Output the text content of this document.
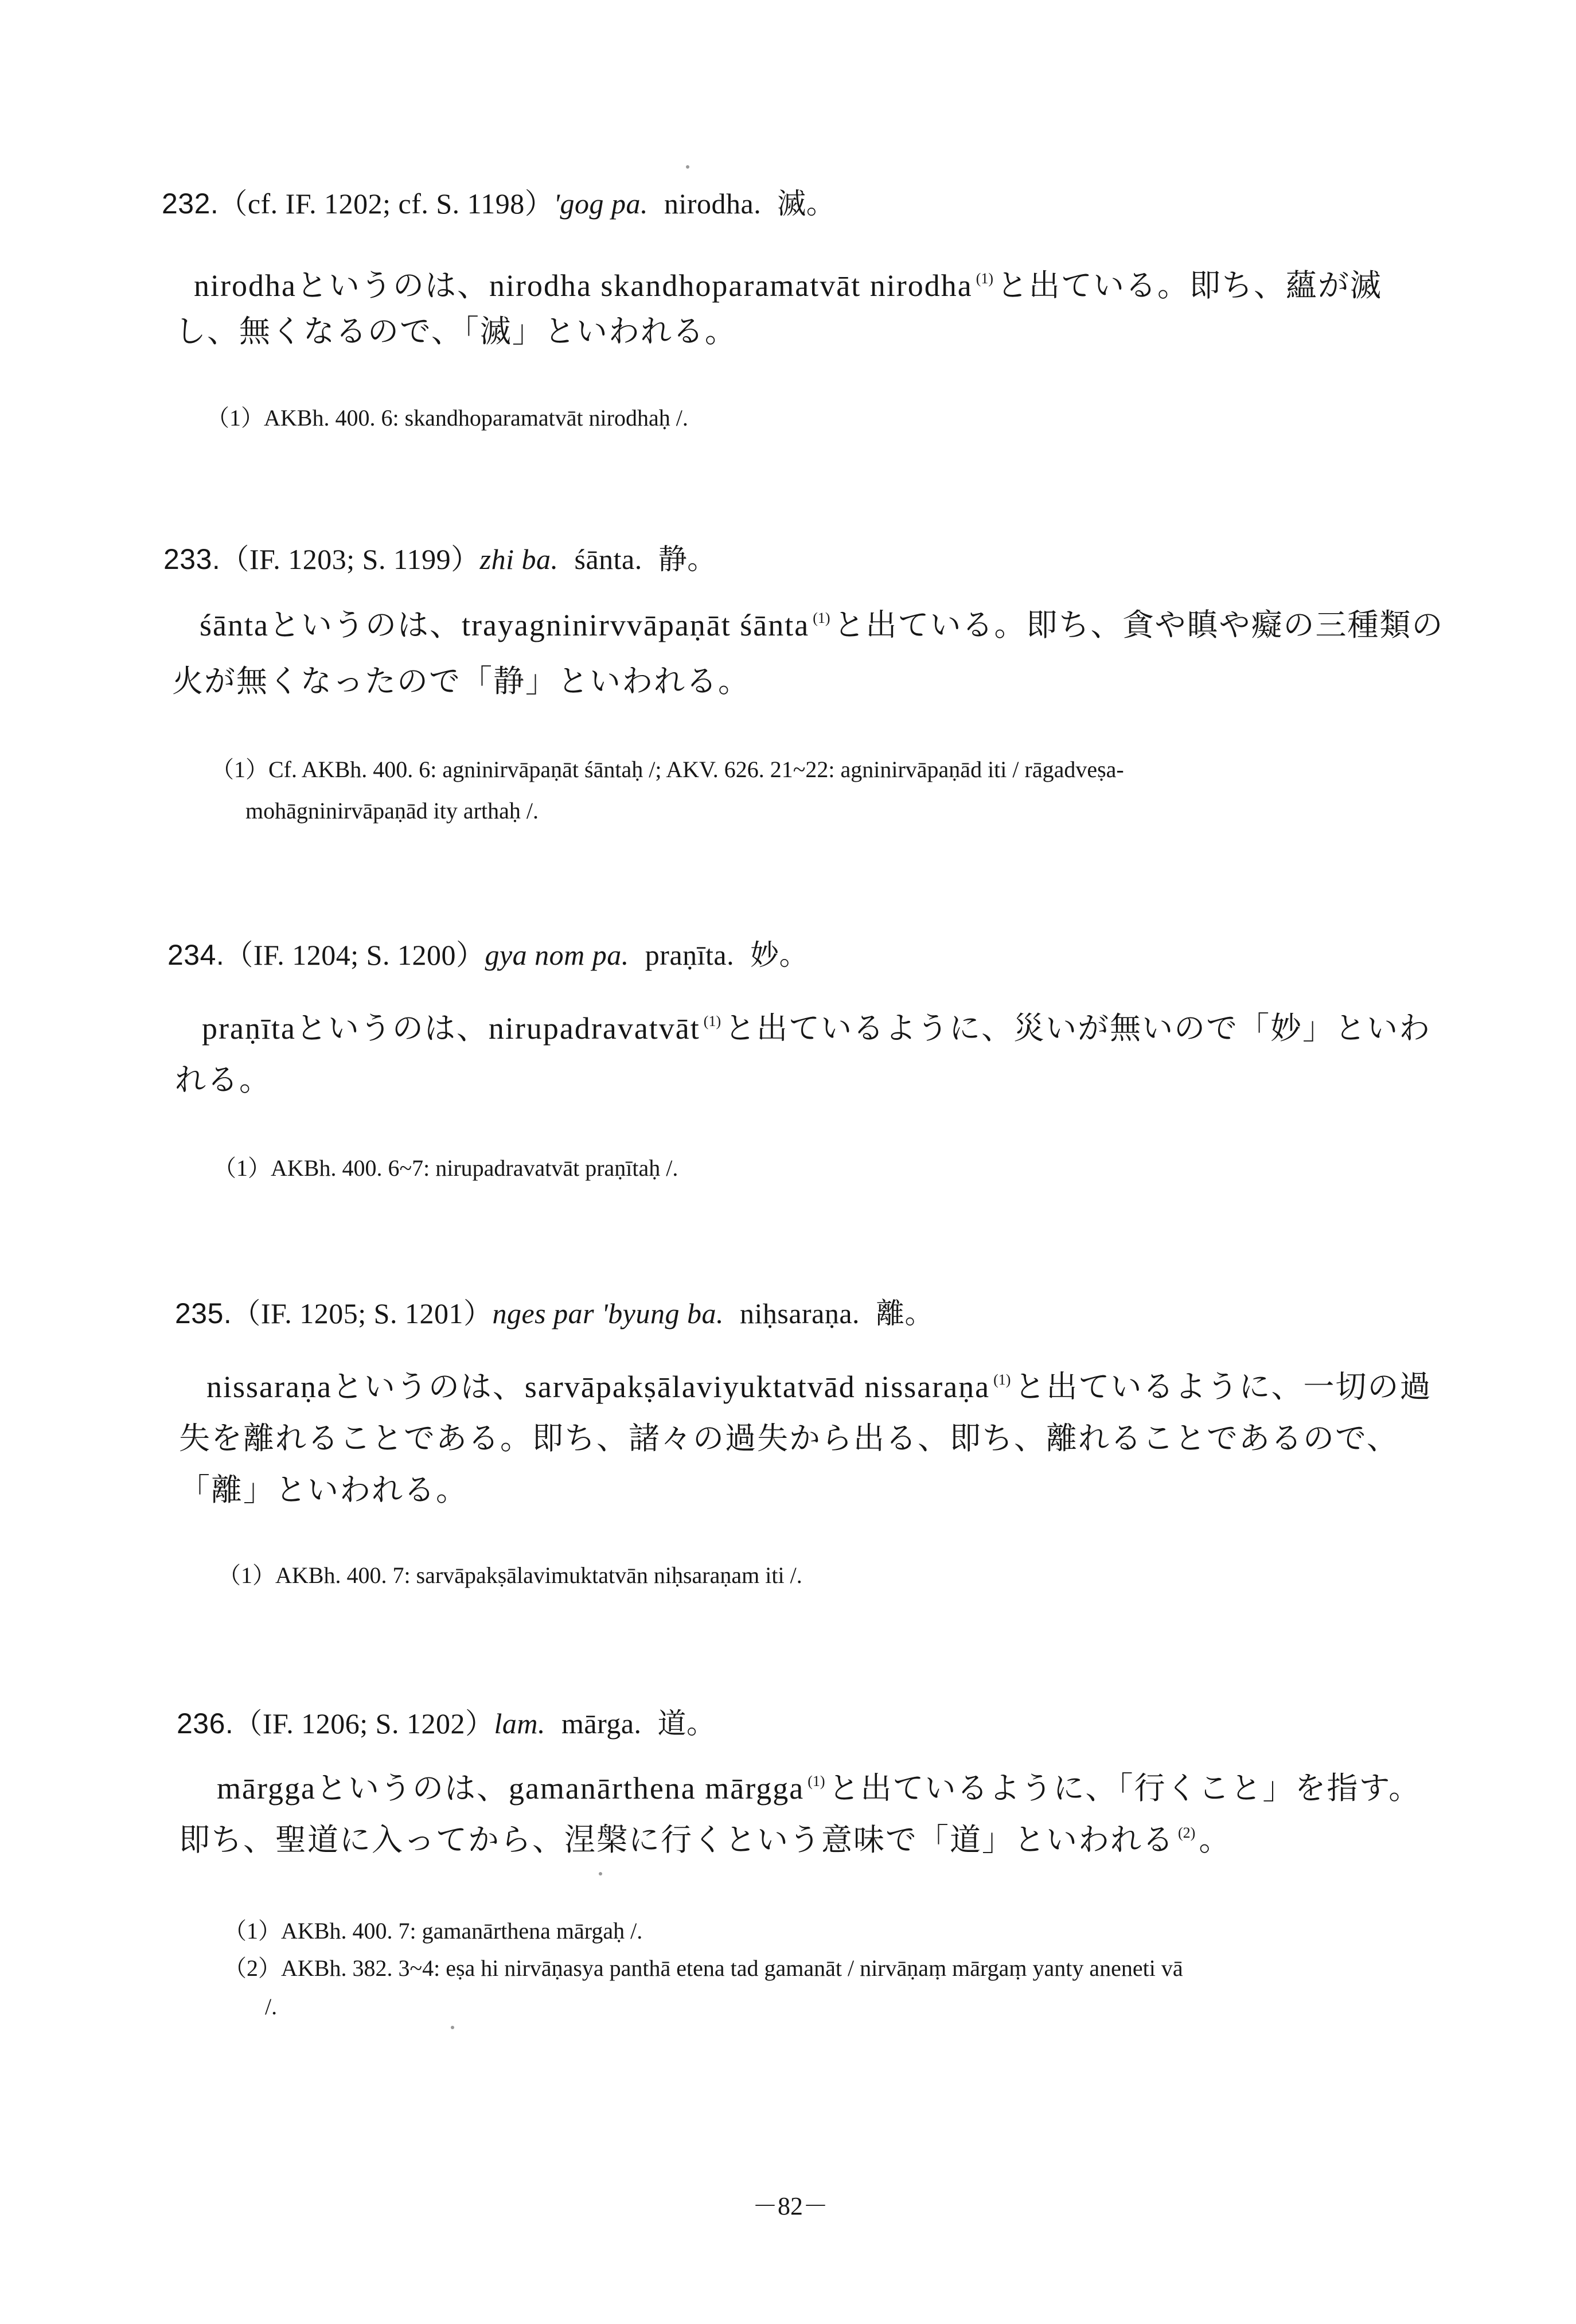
232.（cf. IF. 1202; cf. S. 1198）'gog pa. nirodha. 滅。
nirodhaというのは、nirodha skandhoparamatvāt nirodha $^{(1)}$ と出ている。即ち、蘊が滅
し、無くなるので、「滅」といわれる。
（1）AKBh. 400. 6: skandhoparamatvāt nirodhaḥ /.
233.（IF. 1203; S. 1199）zhi ba. śānta. 静。
śāntaというのは、trayagninirvvāpaṇāt śānta $^{(1)}$ と出ている。即ち、貪や瞋や癡の三種類の
火が無くなったので「静」といわれる。
（1）Cf. AKBh. 400. 6: agninirvāpaṇāt śāntaḥ /; AKV. 626. 21~22: agninirvāpaṇād iti / rāgadveṣa-
mohāgninirvāpaṇād ity arthaḥ /.
234.（IF. 1204; S. 1200）gya nom pa. praṇīta. 妙。
praṇītaというのは、nirupadravatvāt $^{(1)}$ と出ているように、災いが無いので「妙」といわ
れる。
（1）AKBh. 400. 6~7: nirupadravatvāt praṇītaḥ /.
235.（IF. 1205; S. 1201）nges par 'byung ba. niḥsaraṇa. 離。
nissaraṇaというのは、sarvāpakṣālaviyuktatvād nissaraṇa $^{(1)}$ と出ているように、一切の過
失を離れることである。即ち、諸々の過失から出る、即ち、離れることであるので、
「離」といわれる。
（1）AKBh. 400. 7: sarvāpakṣālavimuktatvān niḥsaraṇam iti /.
236.（IF. 1206; S. 1202）lam. mārga. 道。
mārggaというのは、gamanārthena mārgga $^{(1)}$ と出ているように、「行くこと」を指す。
即ち、聖道に入ってから、涅槃に行くという意味で「道」といわれる $^{(2)}$ 。
（1）AKBh. 400. 7: gamanārthena mārgaḥ /.
（2）AKBh. 382. 3~4: eṣa hi nirvāṇasya panthā etena tad gamanāt / nirvāṇaṃ mārgaṃ yanty aneneti vā
/.
－82－
